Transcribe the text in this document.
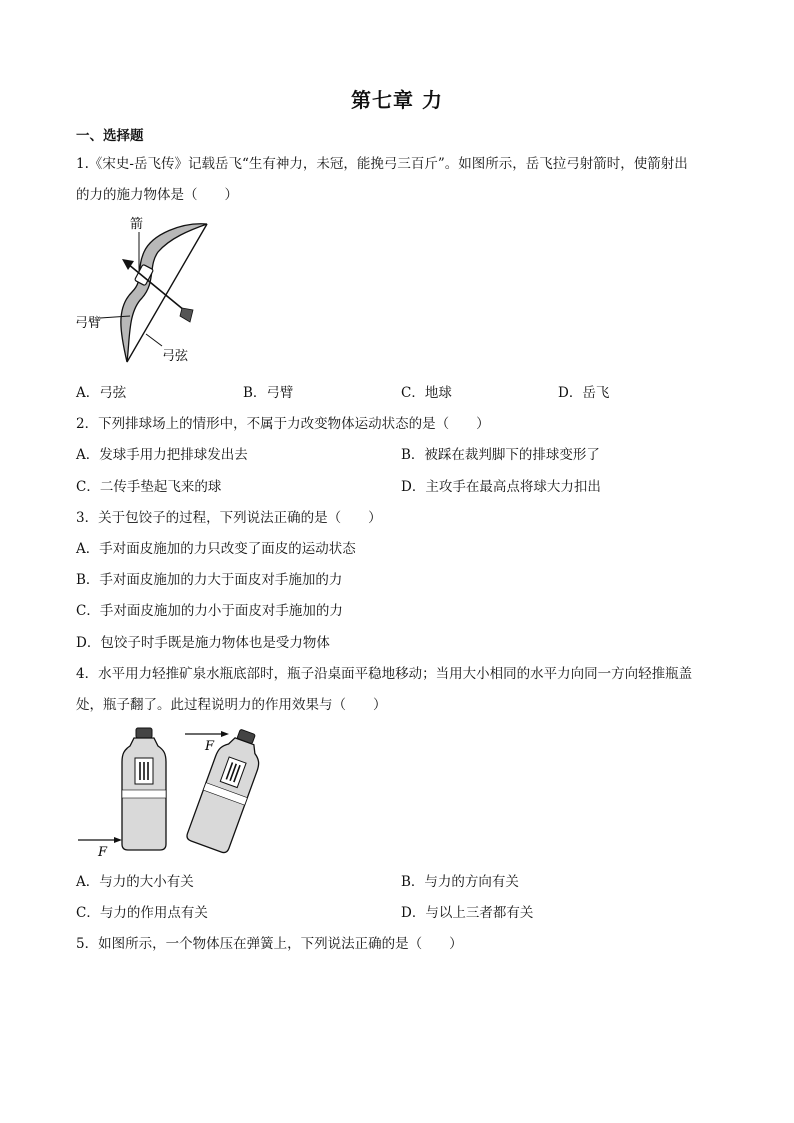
第七章 力
一、选择题
1.《宋史-岳飞传》记载岳飞“生有神力，未冠，能挽弓三百斤”。如图所示，岳飞拉弓射箭时，使箭射出
的力的施力物体是（　　）
箭
弓臂
弓弦
A．弓弦	B．弓臂	C．地球	D．岳飞
2．下列排球场上的情形中，不属于力改变物体运动状态的是（　　）
A．发球手用力把排球发出去	B．被踩在裁判脚下的排球变形了
C．二传手垫起飞来的球	D．主攻手在最高点将球大力扣出
3．关于包饺子的过程，下列说法正确的是（　　）
A．手对面皮施加的力只改变了面皮的运动状态
B．手对面皮施加的力大于面皮对手施加的力
C．手对面皮施加的力小于面皮对手施加的力
D．包饺子时手既是施力物体也是受力物体
4．水平用力轻推矿泉水瓶底部时，瓶子沿桌面平稳地移动；当用大小相同的水平力向同一方向轻推瓶盖
处，瓶子翻了。此过程说明力的作用效果与（　　）
F
F
A．与力的大小有关	B．与力的方向有关
C．与力的作用点有关	D．与以上三者都有关
5．如图所示，一个物体压在弹簧上，下列说法正确的是（　　）
